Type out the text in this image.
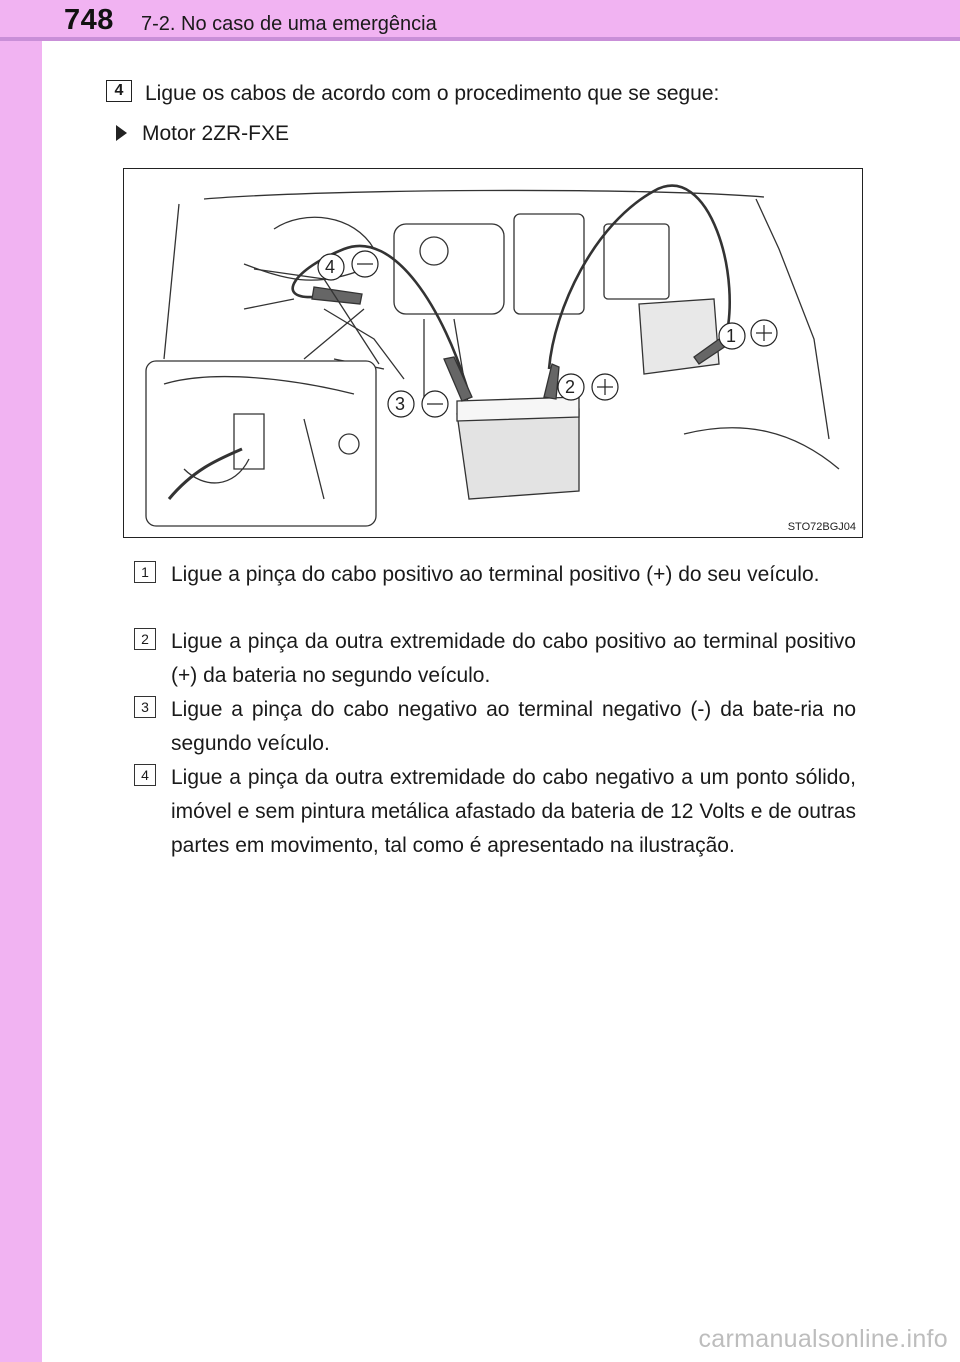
748 7-2. No caso de uma emergência
4	Ligue os cabos de acordo com o procedimento que se segue:
Motor 2ZR-FXE
4
1
2
3
STO72BGJ04
1	Ligue a pinça do cabo positivo ao terminal positivo (+) do seu veículo.
2	Ligue a pinça da outra extremidade do cabo positivo ao terminal positivo (+) da bateria no segundo veículo.
3	Ligue a pinça do cabo negativo ao terminal negativo (-) da bate-ria no segundo veículo.
4	Ligue a pinça da outra extremidade do cabo negativo a um ponto sólido, imóvel e sem pintura metálica afastado da bateria de 12 Volts e de outras partes em movimento, tal como é apresentado na ilustração.
carmanualsonline.info
